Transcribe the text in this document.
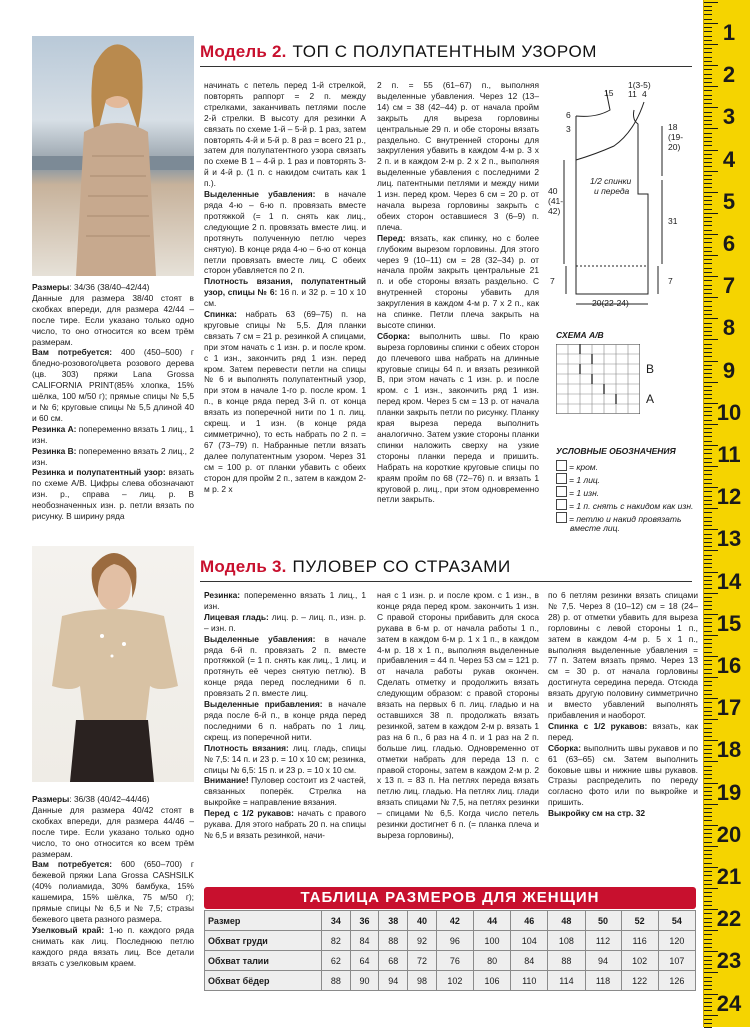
Модель 2. ТОП С ПОЛУПАТЕНТНЫМ УЗОРОМ

Размеры: 34/36 (38/40–42/44)

Данные для размера 38/40 стоят в скобках впереди, для размера 42/44 – после тире. Если указано только одно число, то оно относится ко всем трём размерам.

Вам потребуется: 400 (450–500) г бледно-розового/цвета розового дерева (цв. 303) пряжи Lana Grossa CALIFORNIA PRINT(85% хлопка, 15% шёлка, 100 м/50 г); прямые спицы № 5,5 и № 6; круговые спицы № 5,5 длиной 40 и 60 см.

Резинка А: попеременно вязать 1 лиц., 1 изн.

Резинка В: попеременно вязать 2 лиц., 2 изн.

Резинка и полупатентный узор: вязать по схеме А/В. Цифры слева обозначают изн. р., справа – лиц. р. В необозначенных изн. р. петли вязать по рисунку. В ширину ряда

начинать с петель перед 1-й стрелкой, повторять раппорт = 2 п. между стрелками, заканчивать петлями после 2-й стрелки. В высоту для резинки А связать по схеме 1-й – 5-й р. 1 раз, затем повторять 4-й и 5-й р. 8 раз = всего 21 р., затем для полупатентного узора связать по схеме В 1 – 4-й р. 1 раз и повторять 3-й и 4-й р. (1 п. с накидом считать как 1 п.).

Выделенные убавления: в начале ряда 4-ю – 6-ю п. провязать вместе протяжкой (= 1 п. снять как лиц., следующие 2 п. провязать вместе лиц. и протянуть полученную петлю через снятую). В конце ряда 4-ю – 6-ю от конца петли провязать вместе лиц. С обеих сторон убавляется по 2 п.

Плотность вязания, полупатентный узор, спицы № 6: 16 п. и 32 р. = 10 х 10 см.

Спинка: набрать 63 (69–75) п. на круговые спицы № 5,5. Для планки связать 7 см = 21 р. резинкой А спицами, при этом начать с 1 изн. р. и после кром. с 1 изн., закончить ряд 1 изн. перед кром. Затем перевести петли на спицы № 6 и выполнять полупатентный узор, при этом в начале 1-го р. после кром. 1 п., в конце ряда перед 3-й п. от конца вязать из поперечной нити по 1 п. лиц. скрещ. и 1 изн. (в конце ряда симметрично), то есть набрать по 2 п. = 67 (73–79) п. Набранные петли вязать далее полупатентным узором. Через 31 см = 100 р. от планки убавить с обеих сторон для пройм 2 п., затем в каждом 2-м р. 2 х

2 п. = 55 (61–67) п., выполняя выделенные убавления. Через 12 (13–14) см = 38 (42–44) р. от начала пройм закрыть для выреза горловины центральные 29 п. и обе стороны вязать раздельно. С внутренней стороны для закругления убавить в каждом 4-м р. 3 х 2 п. и в каждом 2-м р. 2 х 2 п., выполняя выделенные убавления с последними 2 лиц. патентными петлями и между ними 1 изн. перед кром. Через 6 см = 20 р. от начала выреза горловины закрыть с обеих сторон оставшиеся 3 (6–9) п. плеча.

Перед: вязать, как спинку, но с более глубоким вырезом горловины. Для этого через 9 (10–11) см = 28 (32–34) р. от начала пройм закрыть центральные 21 п. и обе стороны вязать раздельно. С внутренней стороны убавить для закругления в каждом 4-м р. 7 х 2 п., как на спинке. Петли плеча закрыть на высоте спинки.

Сборка: выполнить швы. По краю выреза горловины спинки с обеих сторон до плечевого шва набрать на длинные круговые спицы 64 п. и вязать резинкой В, при этом начать с 1 изн. р. и после кром. с 1 изн., закончить ряд 1 изн. перед кром. Через 5 см = 13 р. от начала планки закрыть петли по рисунку. Планку края выреза переда выполнить аналогично. Затем узкие стороны планки спинки наложить сверху на узкие стороны планки переда и пришить. Набрать на короткие круговые спицы по краям пройм по 68 (72–76) п. и вязать 1 круговой р. лиц., при этом одновременно петли закрыть.

1(3-5)
11 4
15
6
3	18
(19-
20)
1/2 спинки
и переда
40
(41-
42)
31
7	7
20(22-24)
СХЕМА А/В
B
A
УСЛОВНЫЕ ОБОЗНАЧЕНИЯ
= кром.
= 1 лиц.
= 1 изн.
= 1 п. снять с накидом как изн.
= петлю и накид провязать
вместе лиц.
Модель 3. ПУЛОВЕР СО СТРАЗАМИ

Размеры: 36/38 (40/42–44/46)

Данные для размера 40/42 стоят в скобках впереди, для размера 44/46 – после тире. Если указано только одно число, то оно относится ко всем трём размерам.

Вам потребуется: 600 (650–700) г бежевой пряжи Lana Grossa CASHSILK (40% полиамида, 30% бамбука, 15% кашемира, 15% шёлка, 75 м/50 г); прямые спицы № 6,5 и № 7,5; стразы бежевого цвета разного размера.

Узелковый край: 1-ю п. каждого ряда снимать как лиц. Последнюю петлю каждого ряда вязать лиц. Все детали вязать с узелковым краем.

Резинка: попеременно вязать 1 лиц., 1 изн.

Лицевая гладь: лиц. р. – лиц. п., изн. р. – изн. п.

Выделенные убавления: в начале ряда 6-й п. провязать 2 п. вместе протяжкой (= 1 п. снять как лиц., 1 лиц. и протянуть её через снятую петлю). В конце ряда перед последними 6 п. провязать 2 п. вместе лиц.

Выделенные прибавления: в начале ряда после 6-й п., в конце ряда перед последними 6 п. набрать по 1 лиц. скрещ. из поперечной нити.

Плотность вязания: лиц. гладь, спицы № 7,5: 14 п. и 23 р. = 10 х 10 см; резинка, спицы № 6,5: 15 п. и 23 р. = 10 х 10 см.

Внимание! Пуловер состоит из 2 частей, связанных поперёк. Стрелка на выкройке = направление вязания.

Перед с 1/2 рукавов: начать с правого рукава. Для этого набрать 20 п. на спицы № 6,5 и вязать резинкой, начи-

ная с 1 изн. р. и после кром. с 1 изн., в конце ряда перед кром. закончить 1 изн. С правой стороны прибавить для скоса рукава в 6-м р. от начала работы 1 п., затем в каждом 6-м р. 1 х 1 п., в каждом 4-м р. 18 х 1 п., выполняя выделенные прибавления = 44 п. Через 53 см = 121 р. от начала работы рукав окончен. Сделать отметку и продолжить вязать следующим образом: с правой стороны вязать на первых 6 п. лиц. гладью и на оставшихся 38 п. продолжать вязать резинкой, затем в каждом 2-м р. вязать 1 раз на 6 п., 6 раз на 4 п. и 1 раз на 2 п. больше лиц. гладью. Одновременно от отметки набрать для переда 13 п. с правой стороны, затем в каждом 2-м р. 2 х 13 п. = 83 п. На петлях переда вязать петлю лиц. гладью. На петлях лиц. глади вязать спицами № 7,5, на петлях резинки – спицами № 6,5. Когда число петель резинки достигнет 6 п. (= планка плеча и выреза горловины),

по 6 петлям резинки вязать спицами № 7,5. Через 8 (10–12) см = 18 (24–28) р. от отметки убавить для выреза горловины с левой стороны 1 п., затем в каждом 4-м р. 5 х 1 п., выполняя выделенные убавления = 77 п. Затем вязать прямо. Через 13 см = 30 р. от начала горловины достигнута середина переда. Отсюда вязать другую половину симметрично и вместо убавлений выполнять прибавления и наоборот.

Спинка с 1/2 рукавов: вязать, как перед.

Сборка: выполнить швы рукавов и по 61 (63–65) см. Затем выполнить боковые швы и нижние швы рукавов. Стразы распределить по переду согласно фото или по выкройке и пришить.

Выкройку см на стр. 32

ТАБЛИЦА РАЗМЕРОВ ДЛЯ ЖЕНЩИН
Размер	34	36	38	40	42	44	46	48	50	52	54
Обхват груди	82	84	88	92	96	100	104	108	112	116	120
Обхват талии	62	64	68	72	76	80	84	88	94	102	107
Обхват бёдер	88	90	94	98	102	106	110	114	118	122	126
1
2
3
4
5
6
7
8
9
10
11
12
13
14
15
16
17
18
19
20
21
22
23
24
